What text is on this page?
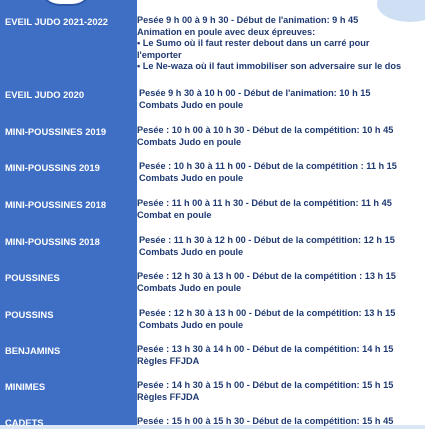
EVEIL JUDO 2021-2022	Pesée 9 h 00 à 9 h 30 - Début de l'animation: 9 h 45
Animation en poule avec deux épreuves:
• Le Sumo où il faut rester debout dans un carré pour
l'emporter
• Le Ne-waza où il faut immobiliser son adversaire sur le dos
EVEIL JUDO 2020	Pesée 9 h 30 à 10 h 00 - Début de l'animation: 10 h 15
Combats Judo en poule
MINI-POUSSINES 2019	Pesée : 10 h 00 à 10 h 30 - Début de la compétition: 10 h 45
Combats Judo en poule
MINI-POUSSINS 2019	Pesée : 10 h 30 à 11 h 00 - Début de la compétition : 11 h 15
Combats Judo en poule
MINI-POUSSINES 2018	Pesée : 11 h 00 à 11 h 30 - Début de la compétition: 11 h 45
Combat en poule
MINI-POUSSINS 2018	Pesée : 11 h 30 à 12 h 00 - Début de la compétition: 12 h 15
Combats Judo en poule
POUSSINES	Pesée : 12 h 30 à 13 h 00 - Début de la compétition : 13 h 15
Combats Judo en poule
POUSSINS	Pesée : 12 h 30 à 13 h 00 - Début de la compétition: 13 h 15
Combats Judo en poule
BENJAMINS	Pesée : 13 h 30 à 14 h 00 - Début de la compétition: 14 h 15
Règles FFJDA
MINIMES	Pesée : 14 h 30 à 15 h 00 - Début de la compétition: 15 h 15
Règles FFJDA
CADETS	Pesée : 15 h 00 à 15 h 30 - Début de la compétition: 15 h 45
